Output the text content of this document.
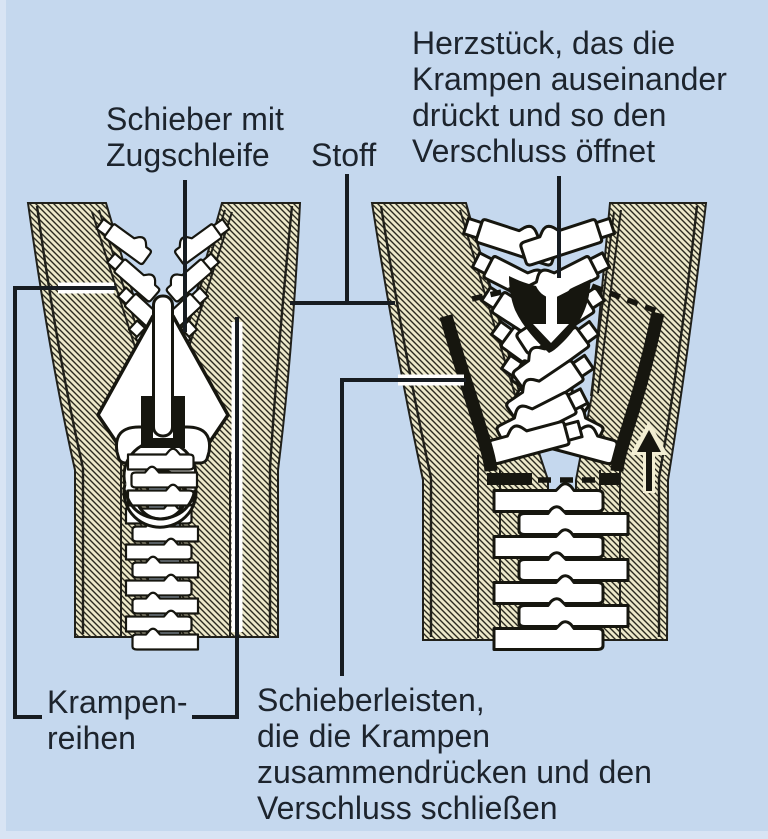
Schieber mit
Zugschleife	Stoff
Herzstück, das die
Krampen auseinander
drückt und so den
Verschluss öffnet
Krampen-
reihen
Schieberleisten,
die die Krampen
zusammendrücken und den
Verschluss schließen
